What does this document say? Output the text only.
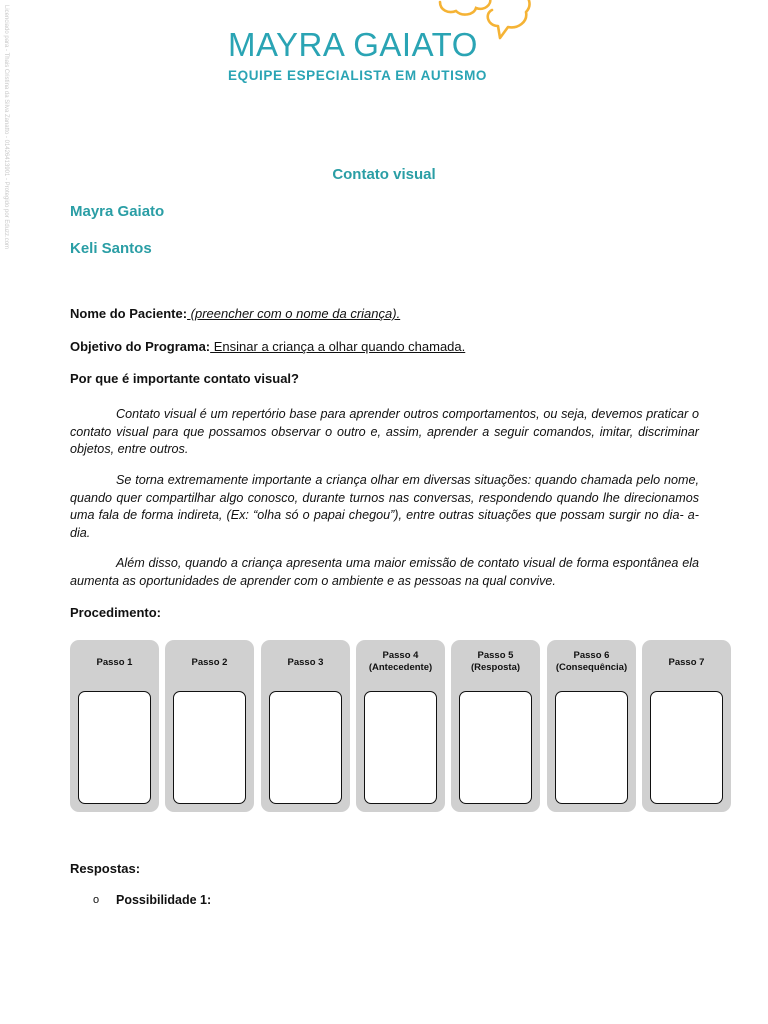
Licenciado para - Thais Cristina da Silva Zanatto - 01426413901 - Protegido por Eduzz.com	MAYRA GAIATO
EQUIPE ESPECIALISTA EM AUTISMO
Contato visual
Mayra Gaiato
Keli Santos
Nome do Paciente: (preencher com o nome da criança).
Objetivo do Programa: Ensinar a criança a olhar quando chamada.
Por que é importante contato visual?

Contato visual é um repertório base para aprender outros comportamentos, ou seja, devemos praticar o contato visual para que possamos observar o outro e, assim, aprender a seguir comandos, imitar, discriminar objetos, entre outros.

Se torna extremamente importante a criança olhar em diversas situações: quando chamada pelo nome, quando quer compartilhar algo conosco, durante turnos nas conversas, respondendo quando lhe direcionamos uma fala de forma indireta, (Ex: “olha só o papai chegou”), entre outras situações que possam surgir no dia- a- dia.

Além disso, quando a criança apresenta uma maior emissão de contato visual de forma espontânea ela aumenta as oportunidades de aprender com o ambiente e as pessoas na qual convive.

Procedimento:
Passo 1	Passo 2	Passo 3
Passo 4
(Antecedente)
Passo 5
(Resposta)
Passo 6
(Consequência)	Passo 7
Respostas:
o Possibilidade 1:
